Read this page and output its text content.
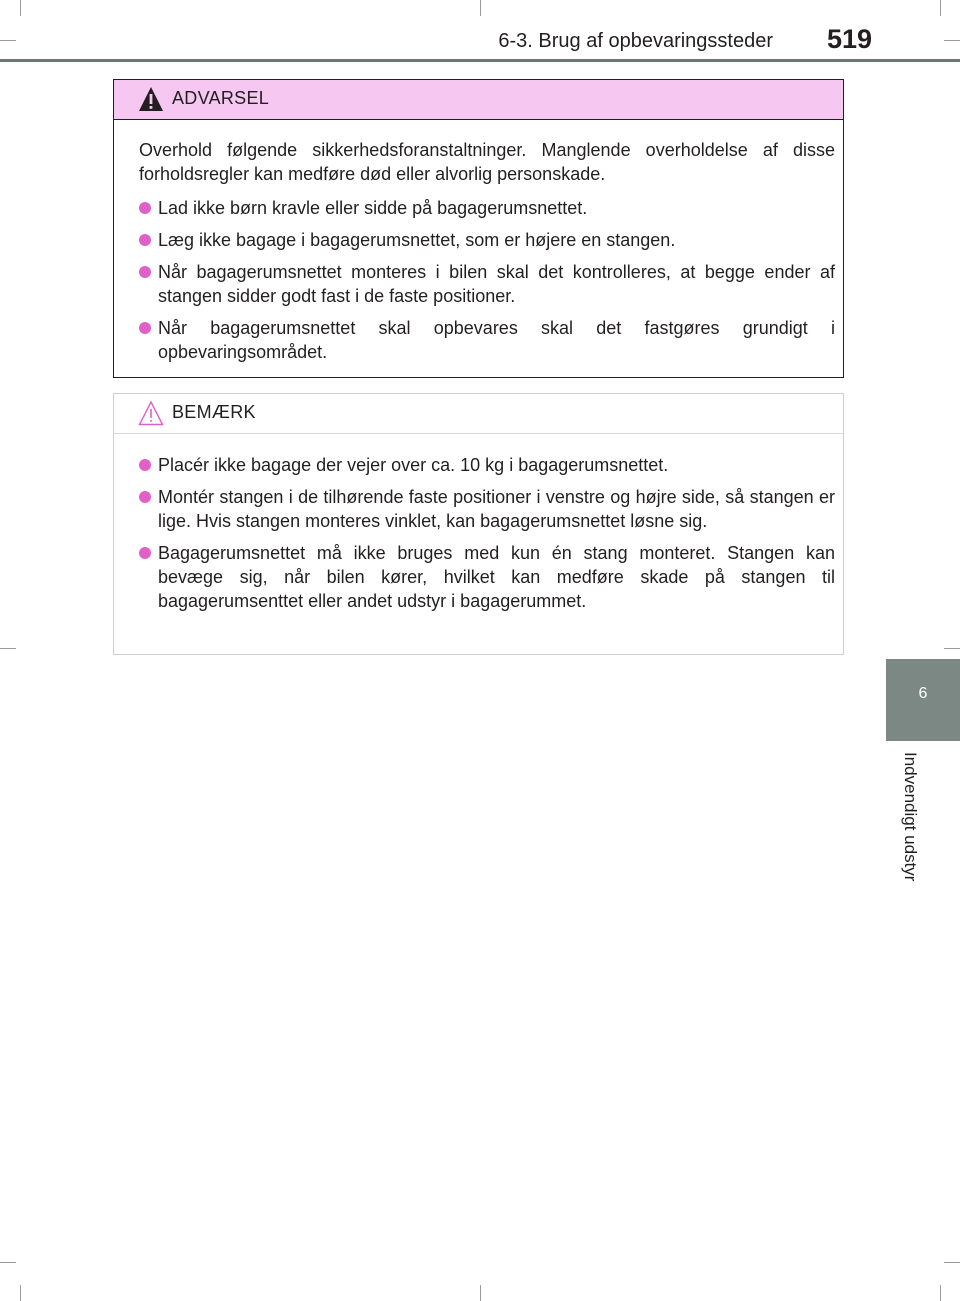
6-3. Brug af opbevaringssteder 519
6
Indvendigt udstyr
ADVARSEL

Overhold følgende sikkerhedsforanstaltninger. Manglende overholdelse af disse forholdsregler kan medføre død eller alvorlig personskade.

Lad ikke børn kravle eller sidde på bagagerumsnettet.
Læg ikke bagage i bagagerumsnettet, som er højere en stangen.
Når bagagerumsnettet monteres i bilen skal det kontrolleres, at begge ender af stangen sidder godt fast i de faste positioner.
Når bagagerumsnettet skal opbevares skal det fastgøres grundigt i opbevaringsområdet.
BEMÆRK
Placér ikke bagage der vejer over ca. 10 kg i bagagerumsnettet.
Montér stangen i de tilhørende faste positioner i venstre og højre side, så stangen er lige. Hvis stangen monteres vinklet, kan bagagerumsnettet løsne sig.
Bagagerumsnettet må ikke bruges med kun én stang monteret. Stangen kan bevæge sig, når bilen kører, hvilket kan medføre skade på stangen til bagagerumsenttet eller andet udstyr i bagagerummet.
